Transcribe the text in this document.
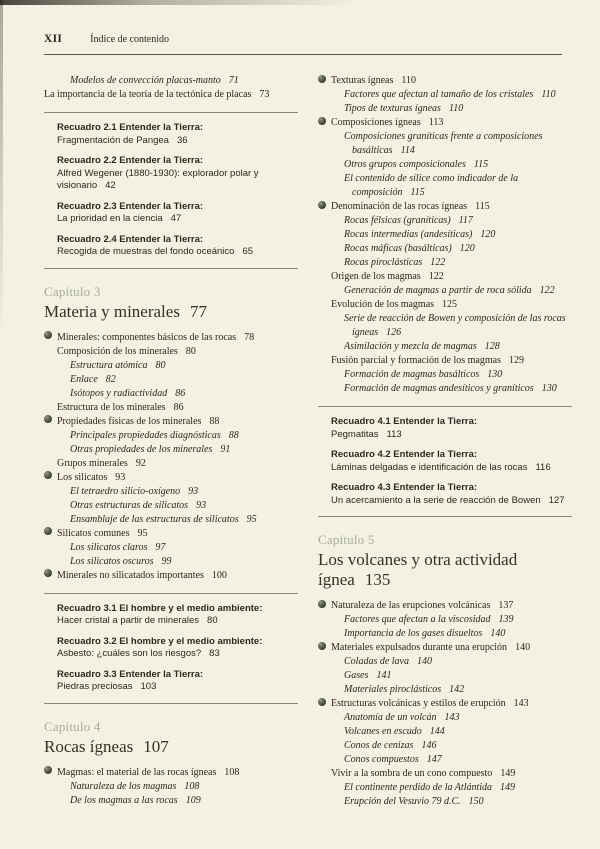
XII	Índice de contenido
Modelos de convección placas-manto 71
La importancia de la teoría de la tectónica de placas 73
Recuadro 2.1 Entender la Tierra:
Fragmentación de Pangea 36
Recuadro 2.2 Entender la Tierra:
Alfred Wegener (1880-1930): explorador polar y visionario 42
Recuadro 2.3 Entender la Tierra:
La prioridad en la ciencia 47
Recuadro 2.4 Entender la Tierra:
Recogida de muestras del fondo oceánico 65
Capítulo 3
Materia y minerales 77
Minerales: componentes básicos de las rocas 78
Composición de los minerales 80
Estructura atómica 80
Enlace 82
Isótopos y radiactividad 86
Estructura de los minerales 86
Propiedades físicas de los minerales 88
Principales propiedades diagnósticas 88
Otras propiedades de los minerales 91
Grupos minerales 92
Los silicatos 93
El tetraedro silicio-oxígeno 93
Otras estructuras de silicatos 93
Ensamblaje de las estructuras de silicatos 95
Silicatos comunes 95
Los silicatos claros 97
Los silicatos oscuros 99
Minerales no silicatados importantes 100
Recuadro 3.1 El hombre y el medio ambiente:
Hacer cristal a partir de minerales 80
Recuadro 3.2 El hombre y el medio ambiente:
Asbesto: ¿cuáles son los riesgos? 83
Recuadro 3.3 Entender la Tierra:
Piedras preciosas 103
Capítulo 4
Rocas ígneas 107
Magmas: el material de las rocas ígneas 108
Naturaleza de los magmas 108
De los magmas a las rocas 109
Texturas ígneas 110
Factores que afectan al tamaño de los cristales 110
Tipos de texturas ígneas 110
Composiciones ígneas 113
Composiciones graníticas frente a composiciones basálticas 114
Otros grupos composicionales 115
El contenido de sílice como indicador de la composición 115
Denominación de las rocas ígneas 115
Rocas félsicas (graníticas) 117
Rocas intermedias (andesíticas) 120
Rocas máficas (basálticas) 120
Rocas piroclásticas 122
Origen de los magmas 122
Generación de magmas a partir de roca sólida 122
Evolución de los magmas 125
Serie de reacción de Bowen y composición de las rocas ígneas 126
Asimilación y mezcla de magmas 128
Fusión parcial y formación de los magmas 129
Formación de magmas basálticos 130
Formación de magmas andesíticos y graníticos 130
Recuadro 4.1 Entender la Tierra:
Pegmatitas 113
Recuadro 4.2 Entender la Tierra:
Láminas delgadas e identificación de las rocas 116
Recuadro 4.3 Entender la Tierra:
Un acercamiento a la serie de reacción de Bowen 127
Capítulo 5
Los volcanes y otra actividad ígnea 135
Naturaleza de las erupciones volcánicas 137
Factores que afectan a la viscosidad 139
Importancia de los gases disueltos 140
Materiales expulsados durante una erupción 140
Coladas de lava 140
Gases 141
Materiales piroclásticos 142
Estructuras volcánicas y estilos de erupción 143
Anatomía de un volcán 143
Volcanes en escudo 144
Conos de cenizas 146
Conos compuestos 147
Vivir a la sombra de un cono compuesto 149
El continente perdido de la Atlántida 149
Erupción del Vesuvio 79 d.C. 150
